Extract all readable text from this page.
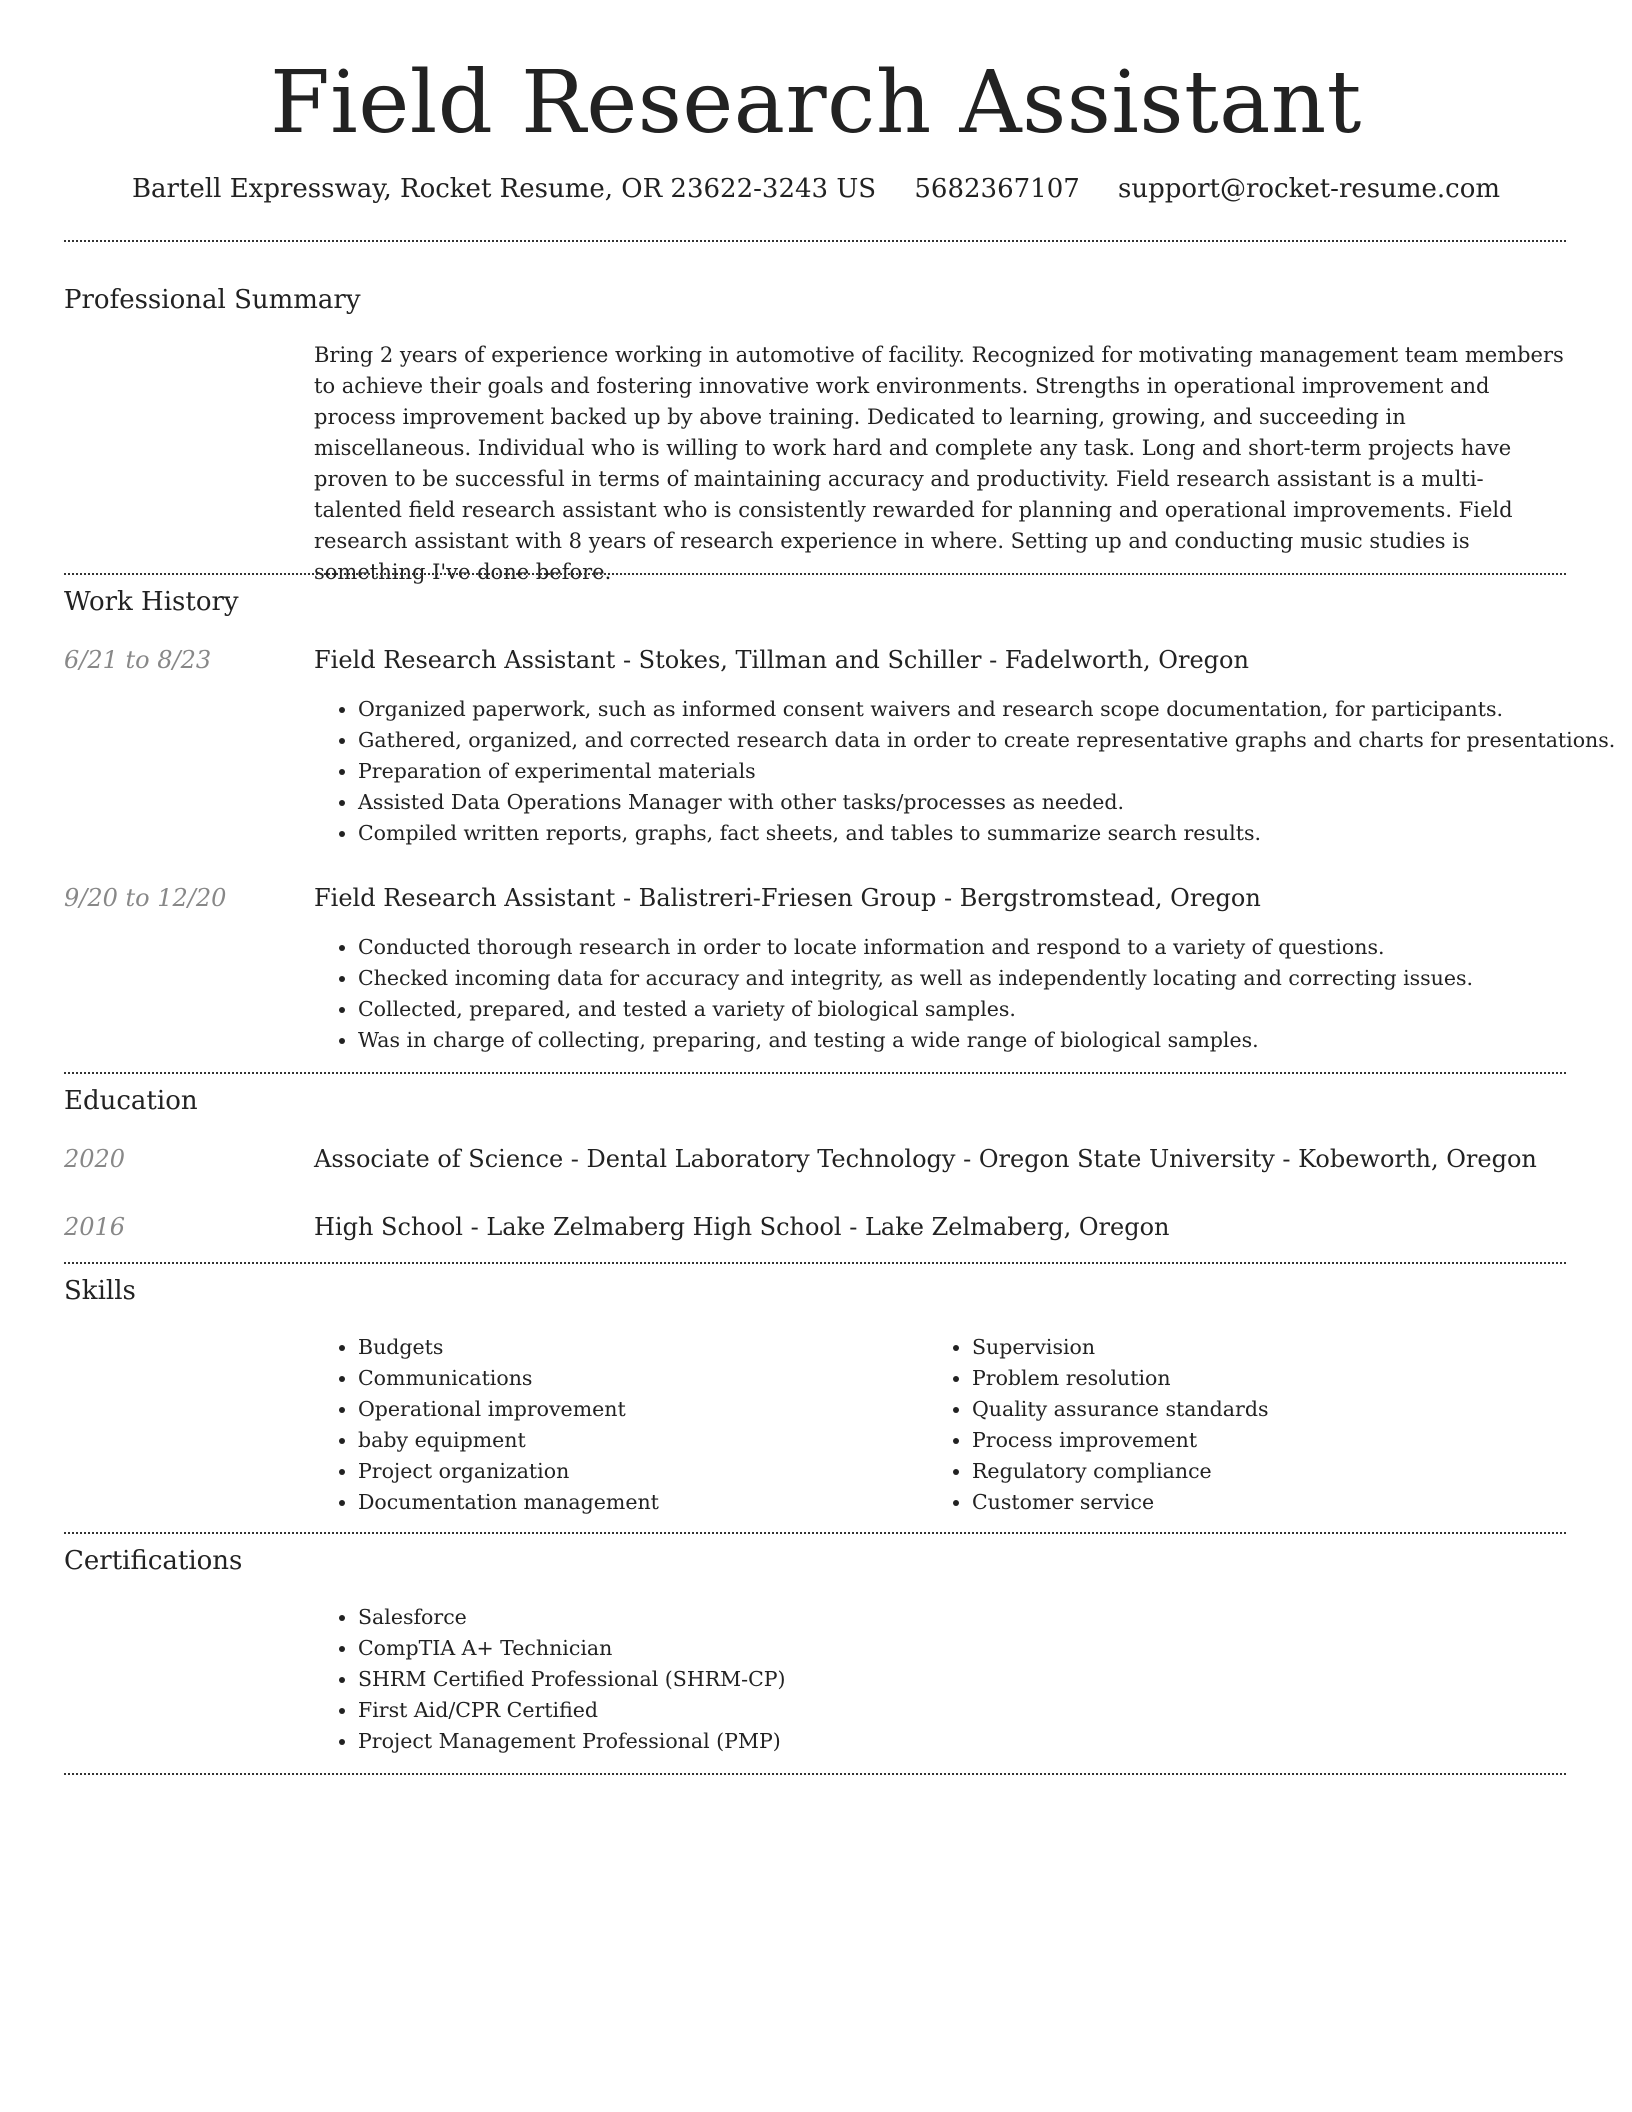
Field Research Assistant
Bartell Expressway, Rocket Resume, OR 23622-3243 US 5682367107 support@rocket-resume.com
Professional Summary

Bring 2 years of experience working in automotive of facility. Recognized for motivating management team members to achieve their goals and fostering innovative work environments. Strengths in operational improvement and process improvement backed up by above training. Dedicated to learning, growing, and succeeding in miscellaneous. Individual who is willing to work hard and complete any task. Long and short-term projects have proven to be successful in terms of maintaining accuracy and productivity. Field research assistant is a multi-talented field research assistant who is consistently rewarded for planning and operational improvements. Field research assistant with 8 years of research experience in where. Setting up and conducting music studies is something I've done before.

Work History
6/21 to 8/23	Field Research Assistant - Stokes, Tillman and Schiller - Fadelworth, Oregon
• Organized paperwork, such as informed consent waivers and research scope documentation, for participants.
• Gathered, organized, and corrected research data in order to create representative graphs and charts for presentations.
• Preparation of experimental materials
• Assisted Data Operations Manager with other tasks/processes as needed.
• Compiled written reports, graphs, fact sheets, and tables to summarize search results.
9/20 to 12/20	Field Research Assistant - Balistreri-Friesen Group - Bergstromstead, Oregon
• Conducted thorough research in order to locate information and respond to a variety of questions.
• Checked incoming data for accuracy and integrity, as well as independently locating and correcting issues.
• Collected, prepared, and tested a variety of biological samples.
• Was in charge of collecting, preparing, and testing a wide range of biological samples.
Education
2020	Associate of Science - Dental Laboratory Technology - Oregon State University - Kobeworth, Oregon
2016	High School - Lake Zelmaberg High School - Lake Zelmaberg, Oregon
Skills
• Budgets
• Communications
• Operational improvement
• baby equipment
• Project organization
• Documentation management
• Supervision
• Problem resolution
• Quality assurance standards
• Process improvement
• Regulatory compliance
• Customer service
Certifications
• Salesforce
• CompTIA A+ Technician
• SHRM Certified Professional (SHRM-CP)
• First Aid/CPR Certified
• Project Management Professional (PMP)
